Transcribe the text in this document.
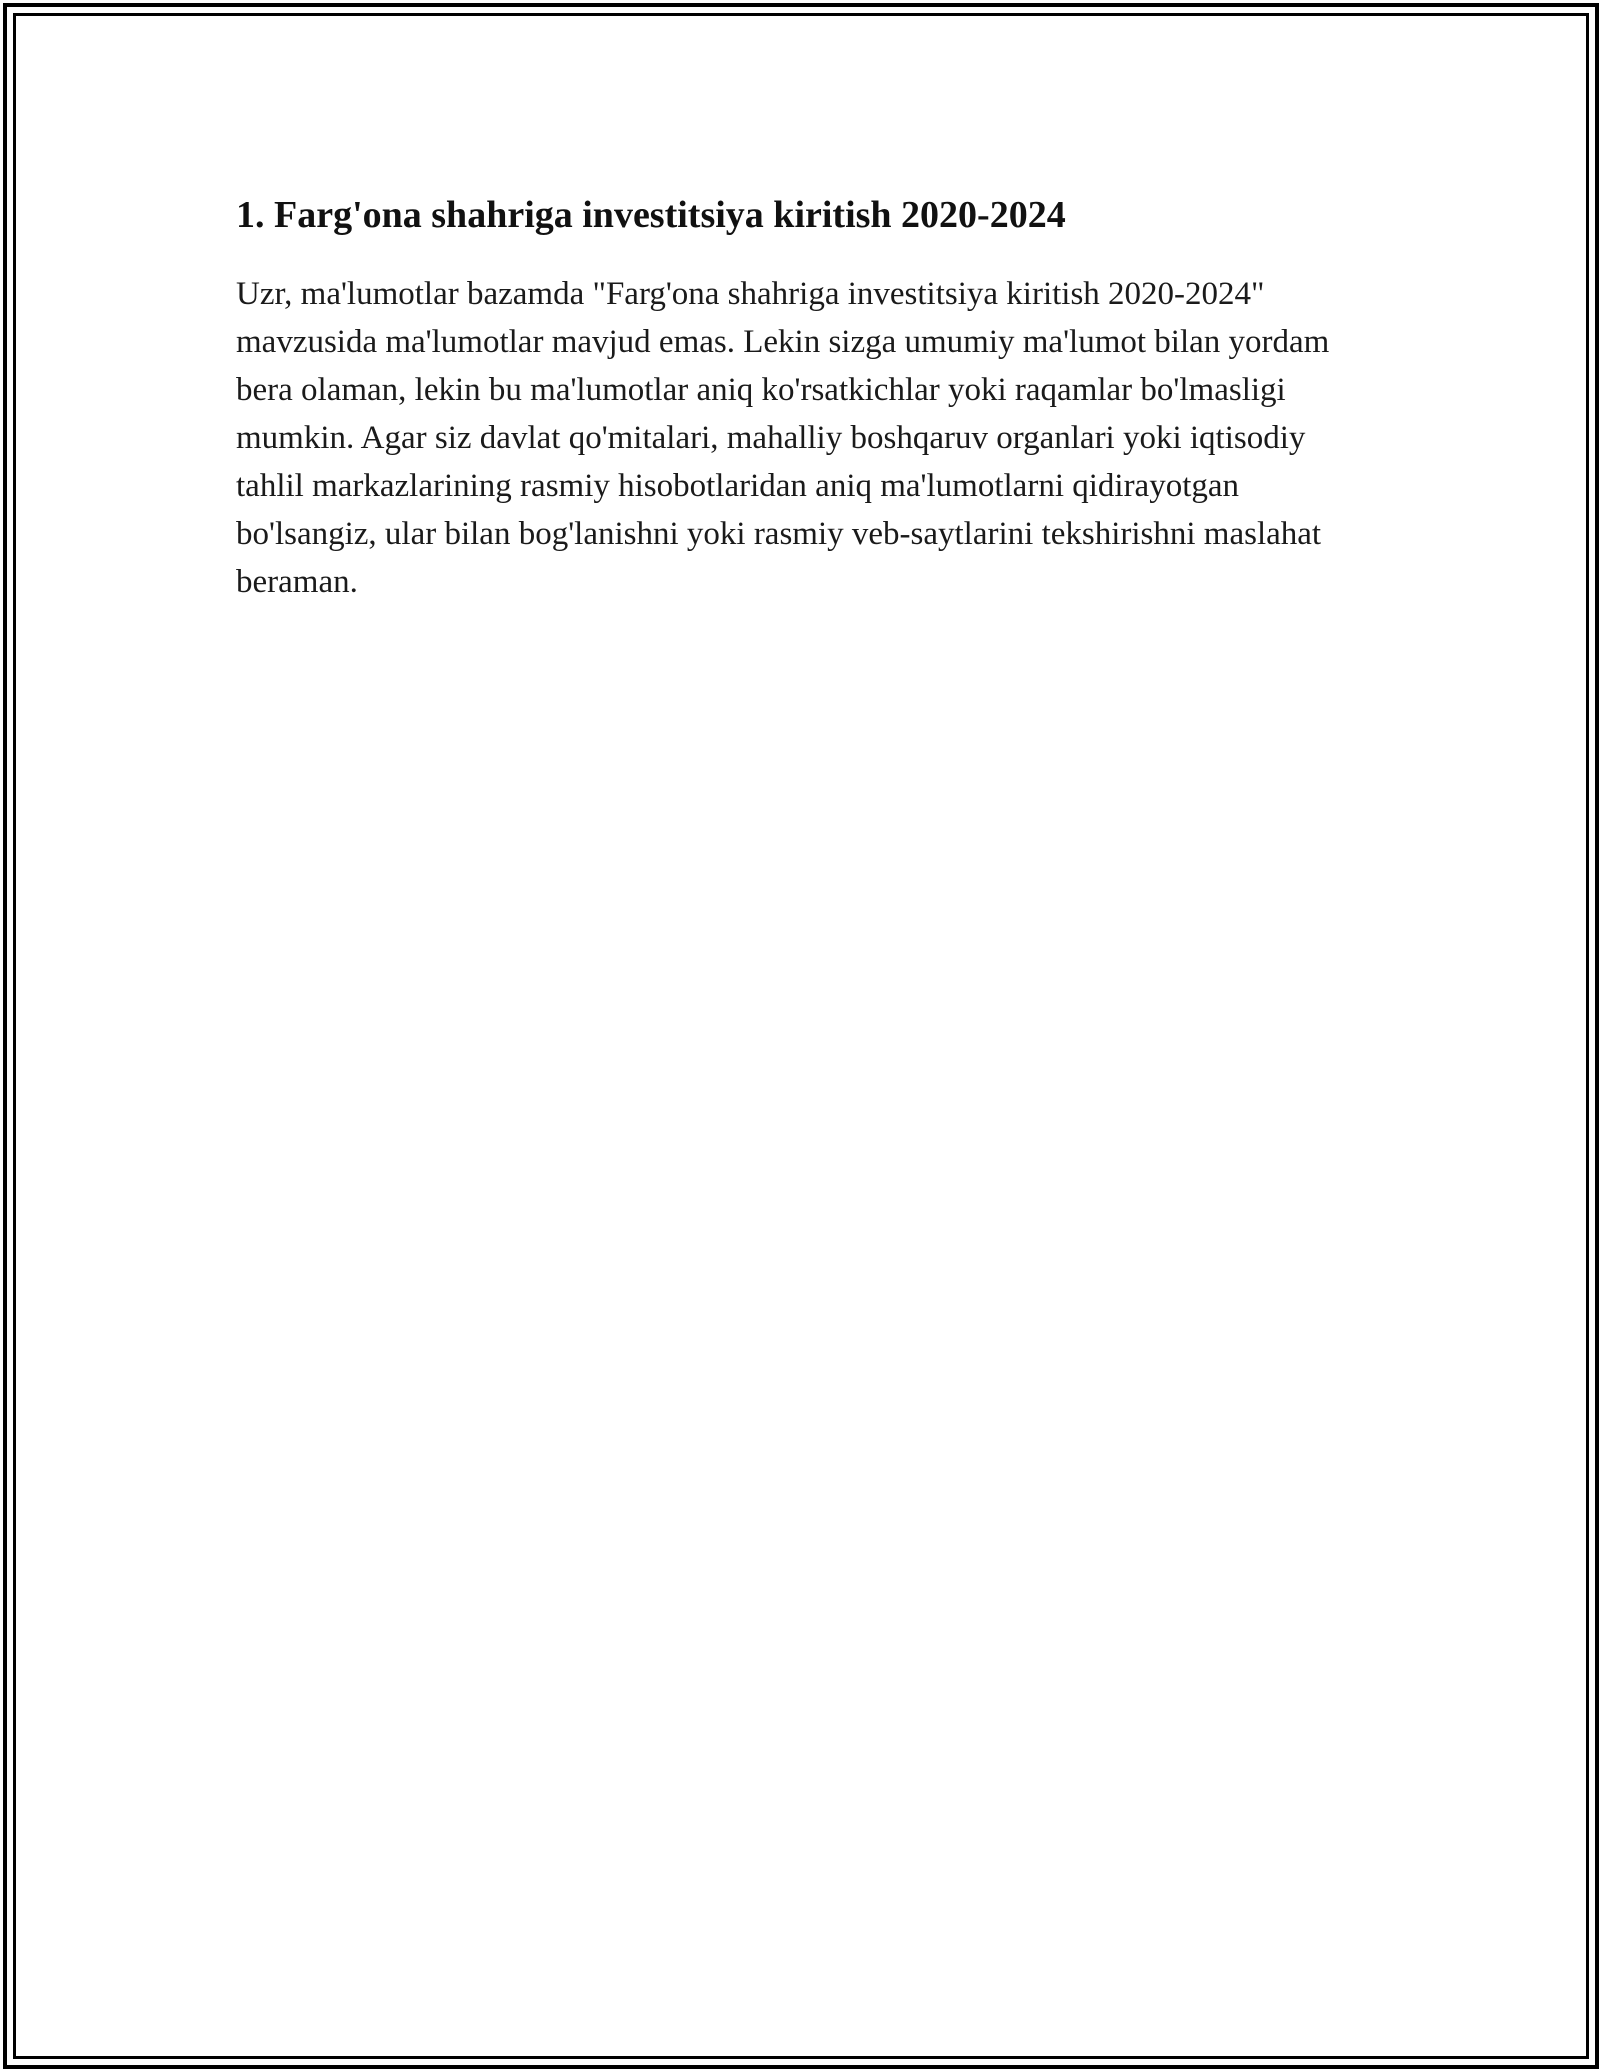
1. Farg'ona shahriga investitsiya kiritish 2020-2024

Uzr, ma'lumotlar bazamda "Farg'ona shahriga investitsiya kiritish 2020-2024" mavzusida ma'lumotlar mavjud emas. Lekin sizga umumiy ma'lumot bilan yordam bera olaman, lekin bu ma'lumotlar aniq ko'rsatkichlar yoki raqamlar bo'lmasligi mumkin. Agar siz davlat qo'mitalari, mahalliy boshqaruv organlari yoki iqtisodiy tahlil markazlarining rasmiy hisobotlaridan aniq ma'lumotlarni qidirayotgan bo'lsangiz, ular bilan bog'lanishni yoki rasmiy veb-saytlarini tekshirishni maslahat beraman.
